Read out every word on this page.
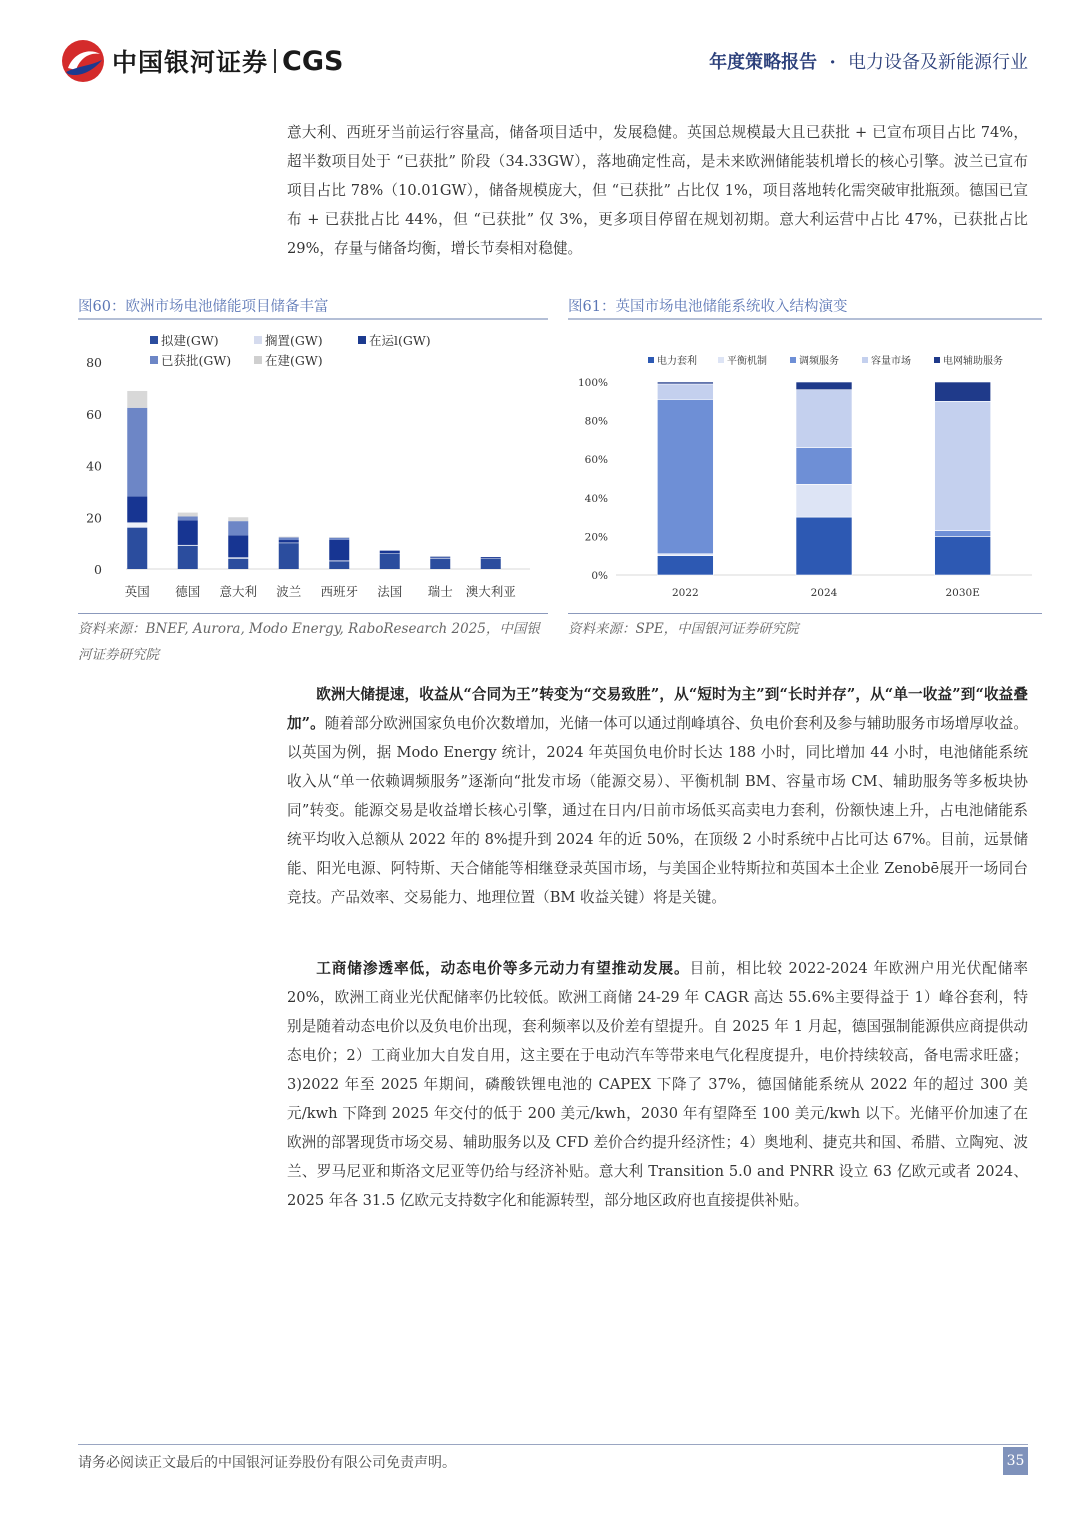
中国银河证券 CGS	年度策略报告 · 电力设备及新能源行业
意大利、西班牙当前运行容量高，储备项目适中，发展稳健。英国总规模最大且已获批 + 已宣布项目占比 74%，超半数项目处于 “已获批” 阶段（34.33GW），落地确定性高，是未来欧洲储能装机增长的核心引擎。波兰已宣布项目占比 78%（10.01GW），储备规模庞大，但 “已获批” 占比仅 1%，项目落地转化需突破审批瓶颈。德国已宣布 + 已获批占比 44%，但 “已获批” 仅 3%，更多项目停留在规划初期。意大利运营中占比 47%，已获批占比 29%，存量与储备均衡，增长节奏相对稳健。
图60：欧洲市场电池储能项目储备丰富
80
60
40
20
0
英国 德国 意大利 波兰 西班牙 法国 瑞士 澳大利亚
拟建(GW)	搁置(GW)	在运l(GW)
已获批(GW)	在建(GW)
资料来源：BNEF, Aurora, Modo Energy, RaboResearch 2025，中国银河证券研究院
图61：英国市场电池储能系统收入结构演变
100%
80%
60%
40%
20%
0%
2022	2024	2030E
电力套利	平衡机制	调频服务	容量市场	电网辅助服务
资料来源：SPE，中国银河证券研究院
欧洲大储提速，收益从“合同为王”转变为“交易致胜”，从“短时为主”到“长时并存”，从“单一收益”到“收益叠加”。随着部分欧洲国家负电价次数增加，光储一体可以通过削峰填谷、负电价套利及参与辅助服务市场增厚收益。以英国为例，据 Modo Energy 统计，2024 年英国负电价时长达 188 小时，同比增加 44 小时，电池储能系统收入从“单一依赖调频服务”逐渐向“批发市场（能源交易）、平衡机制 BM、容量市场 CM、辅助服务等多板块协同”转变。能源交易是收益增长核心引擎，通过在日内/日前市场低买高卖电力套利，份额快速上升，占电池储能系统平均收入总额从 2022 年的 8%提升到 2024 年的近 50%，在顶级 2 小时系统中占比可达 67%。目前，远景储能、阳光电源、阿特斯、天合储能等相继登录英国市场，与美国企业特斯拉和英国本土企业 Zenobē展开一场同台竞技。产品效率、交易能力、地理位置（BM 收益关键）将是关键。
工商储渗透率低，动态电价等多元动力有望推动发展。目前，相比较 2022-2024 年欧洲户用光伏配储率 20%，欧洲工商业光伏配储率仍比较低。欧洲工商储 24-29 年 CAGR 高达 55.6%主要得益于 1）峰谷套利，特别是随着动态电价以及负电价出现，套利频率以及价差有望提升。自 2025 年 1 月起，德国强制能源供应商提供动态电价；2）工商业加大自发自用，这主要在于电动汽车等带来电气化程度提升，电价持续较高，备电需求旺盛；3)2022 年至 2025 年期间，磷酸铁锂电池的 CAPEX 下降了 37%，德国储能系统从 2022 年的超过 300 美元/kwh 下降到 2025 年交付的低于 200 美元/kwh，2030 年有望降至 100 美元/kwh 以下。光储平价加速了在欧洲的部署现货市场交易、辅助服务以及 CFD 差价合约提升经济性；4）奥地利、捷克共和国、希腊、立陶宛、波兰、罗马尼亚和斯洛文尼亚等仍给与经济补贴。意大利 Transition 5.0 and PNRR 设立 63 亿欧元或者 2024、2025 年各 31.5 亿欧元支持数字化和能源转型，部分地区政府也直接提供补贴。
请务必阅读正文最后的中国银河证券股份有限公司免责声明。	35
